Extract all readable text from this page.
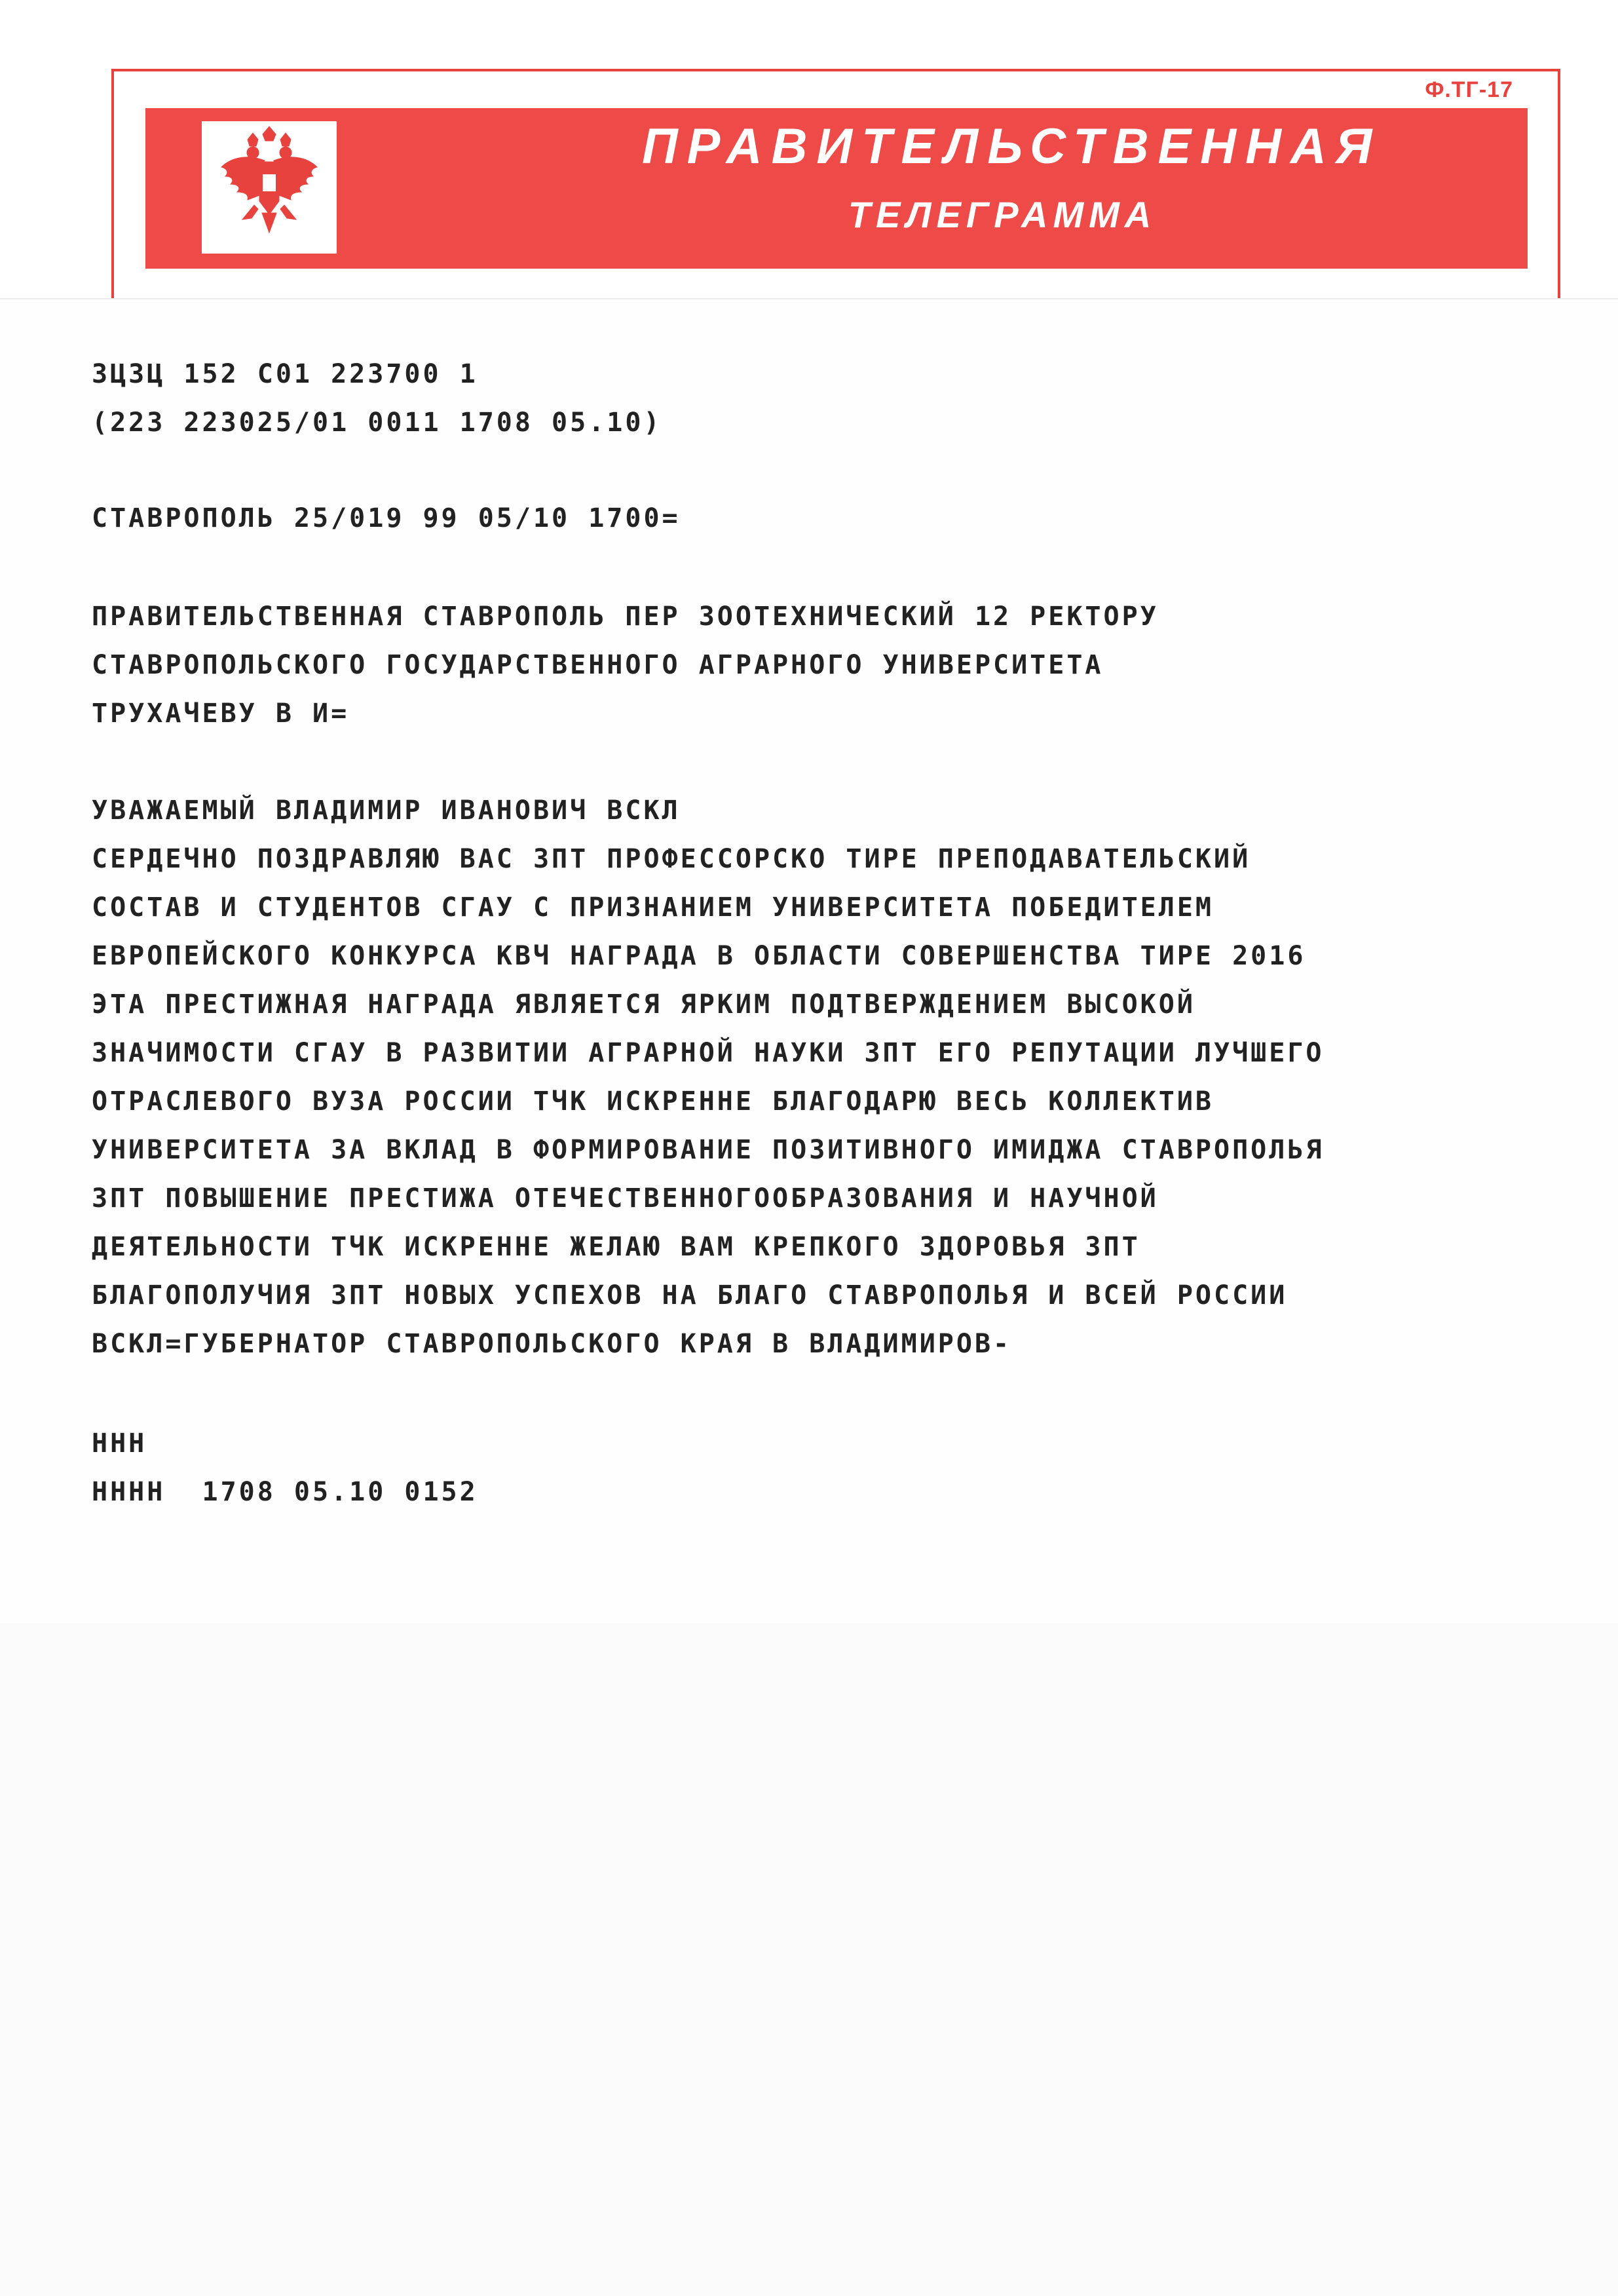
Ф.ТГ-17
ПРАВИТЕЛЬСТВЕННАЯ
ТЕЛЕГРАММА
ЗЦЗЦ 152 С01 223700 1
(223 223025/01 0011 1708 05.10)
СТАВРОПОЛЬ 25/019 99 05/10 1700=
ПРАВИТЕЛЬСТВЕННАЯ СТАВРОПОЛЬ ПЕР ЗООТЕХНИЧЕСКИЙ 12 РЕКТОРУ
СТАВРОПОЛЬСКОГО ГОСУДАРСТВЕННОГО АГРАРНОГО УНИВЕРСИТЕТА
ТРУХАЧЕВУ В И=
УВАЖАЕМЫЙ ВЛАДИМИР ИВАНОВИЧ ВСКЛ
СЕРДЕЧНО ПОЗДРАВЛЯЮ ВАС ЗПТ ПРОФЕССОРСКО ТИРЕ ПРЕПОДАВАТЕЛЬСКИЙ
СОСТАВ И СТУДЕНТОВ СГАУ С ПРИЗНАНИЕМ УНИВЕРСИТЕТА ПОБЕДИТЕЛЕМ
ЕВРОПЕЙСКОГО КОНКУРСА КВЧ НАГРАДА В ОБЛАСТИ СОВЕРШЕНСТВА ТИРЕ 2016
ЭТА ПРЕСТИЖНАЯ НАГРАДА ЯВЛЯЕТСЯ ЯРКИМ ПОДТВЕРЖДЕНИЕМ ВЫСОКОЙ
ЗНАЧИМОСТИ СГАУ В РАЗВИТИИ АГРАРНОЙ НАУКИ ЗПТ ЕГО РЕПУТАЦИИ ЛУЧШЕГО
ОТРАСЛЕВОГО ВУЗА РОССИИ ТЧК ИСКРЕННЕ БЛАГОДАРЮ ВЕСЬ КОЛЛЕКТИВ
УНИВЕРСИТЕТА ЗА ВКЛАД В ФОРМИРОВАНИЕ ПОЗИТИВНОГО ИМИДЖА СТАВРОПОЛЬЯ
ЗПТ ПОВЫШЕНИЕ ПРЕСТИЖА ОТЕЧЕСТВЕННОГООБРАЗОВАНИЯ И НАУЧНОЙ
ДЕЯТЕЛЬНОСТИ ТЧК ИСКРЕННЕ ЖЕЛАЮ ВАМ КРЕПКОГО ЗДОРОВЬЯ ЗПТ
БЛАГОПОЛУЧИЯ ЗПТ НОВЫХ УСПЕХОВ НА БЛАГО СТАВРОПОЛЬЯ И ВСЕЙ РОССИИ
ВСКЛ=ГУБЕРНАТОР СТАВРОПОЛЬСКОГО КРАЯ В ВЛАДИМИРОВ-
ННН
НННН  1708 05.10 0152
